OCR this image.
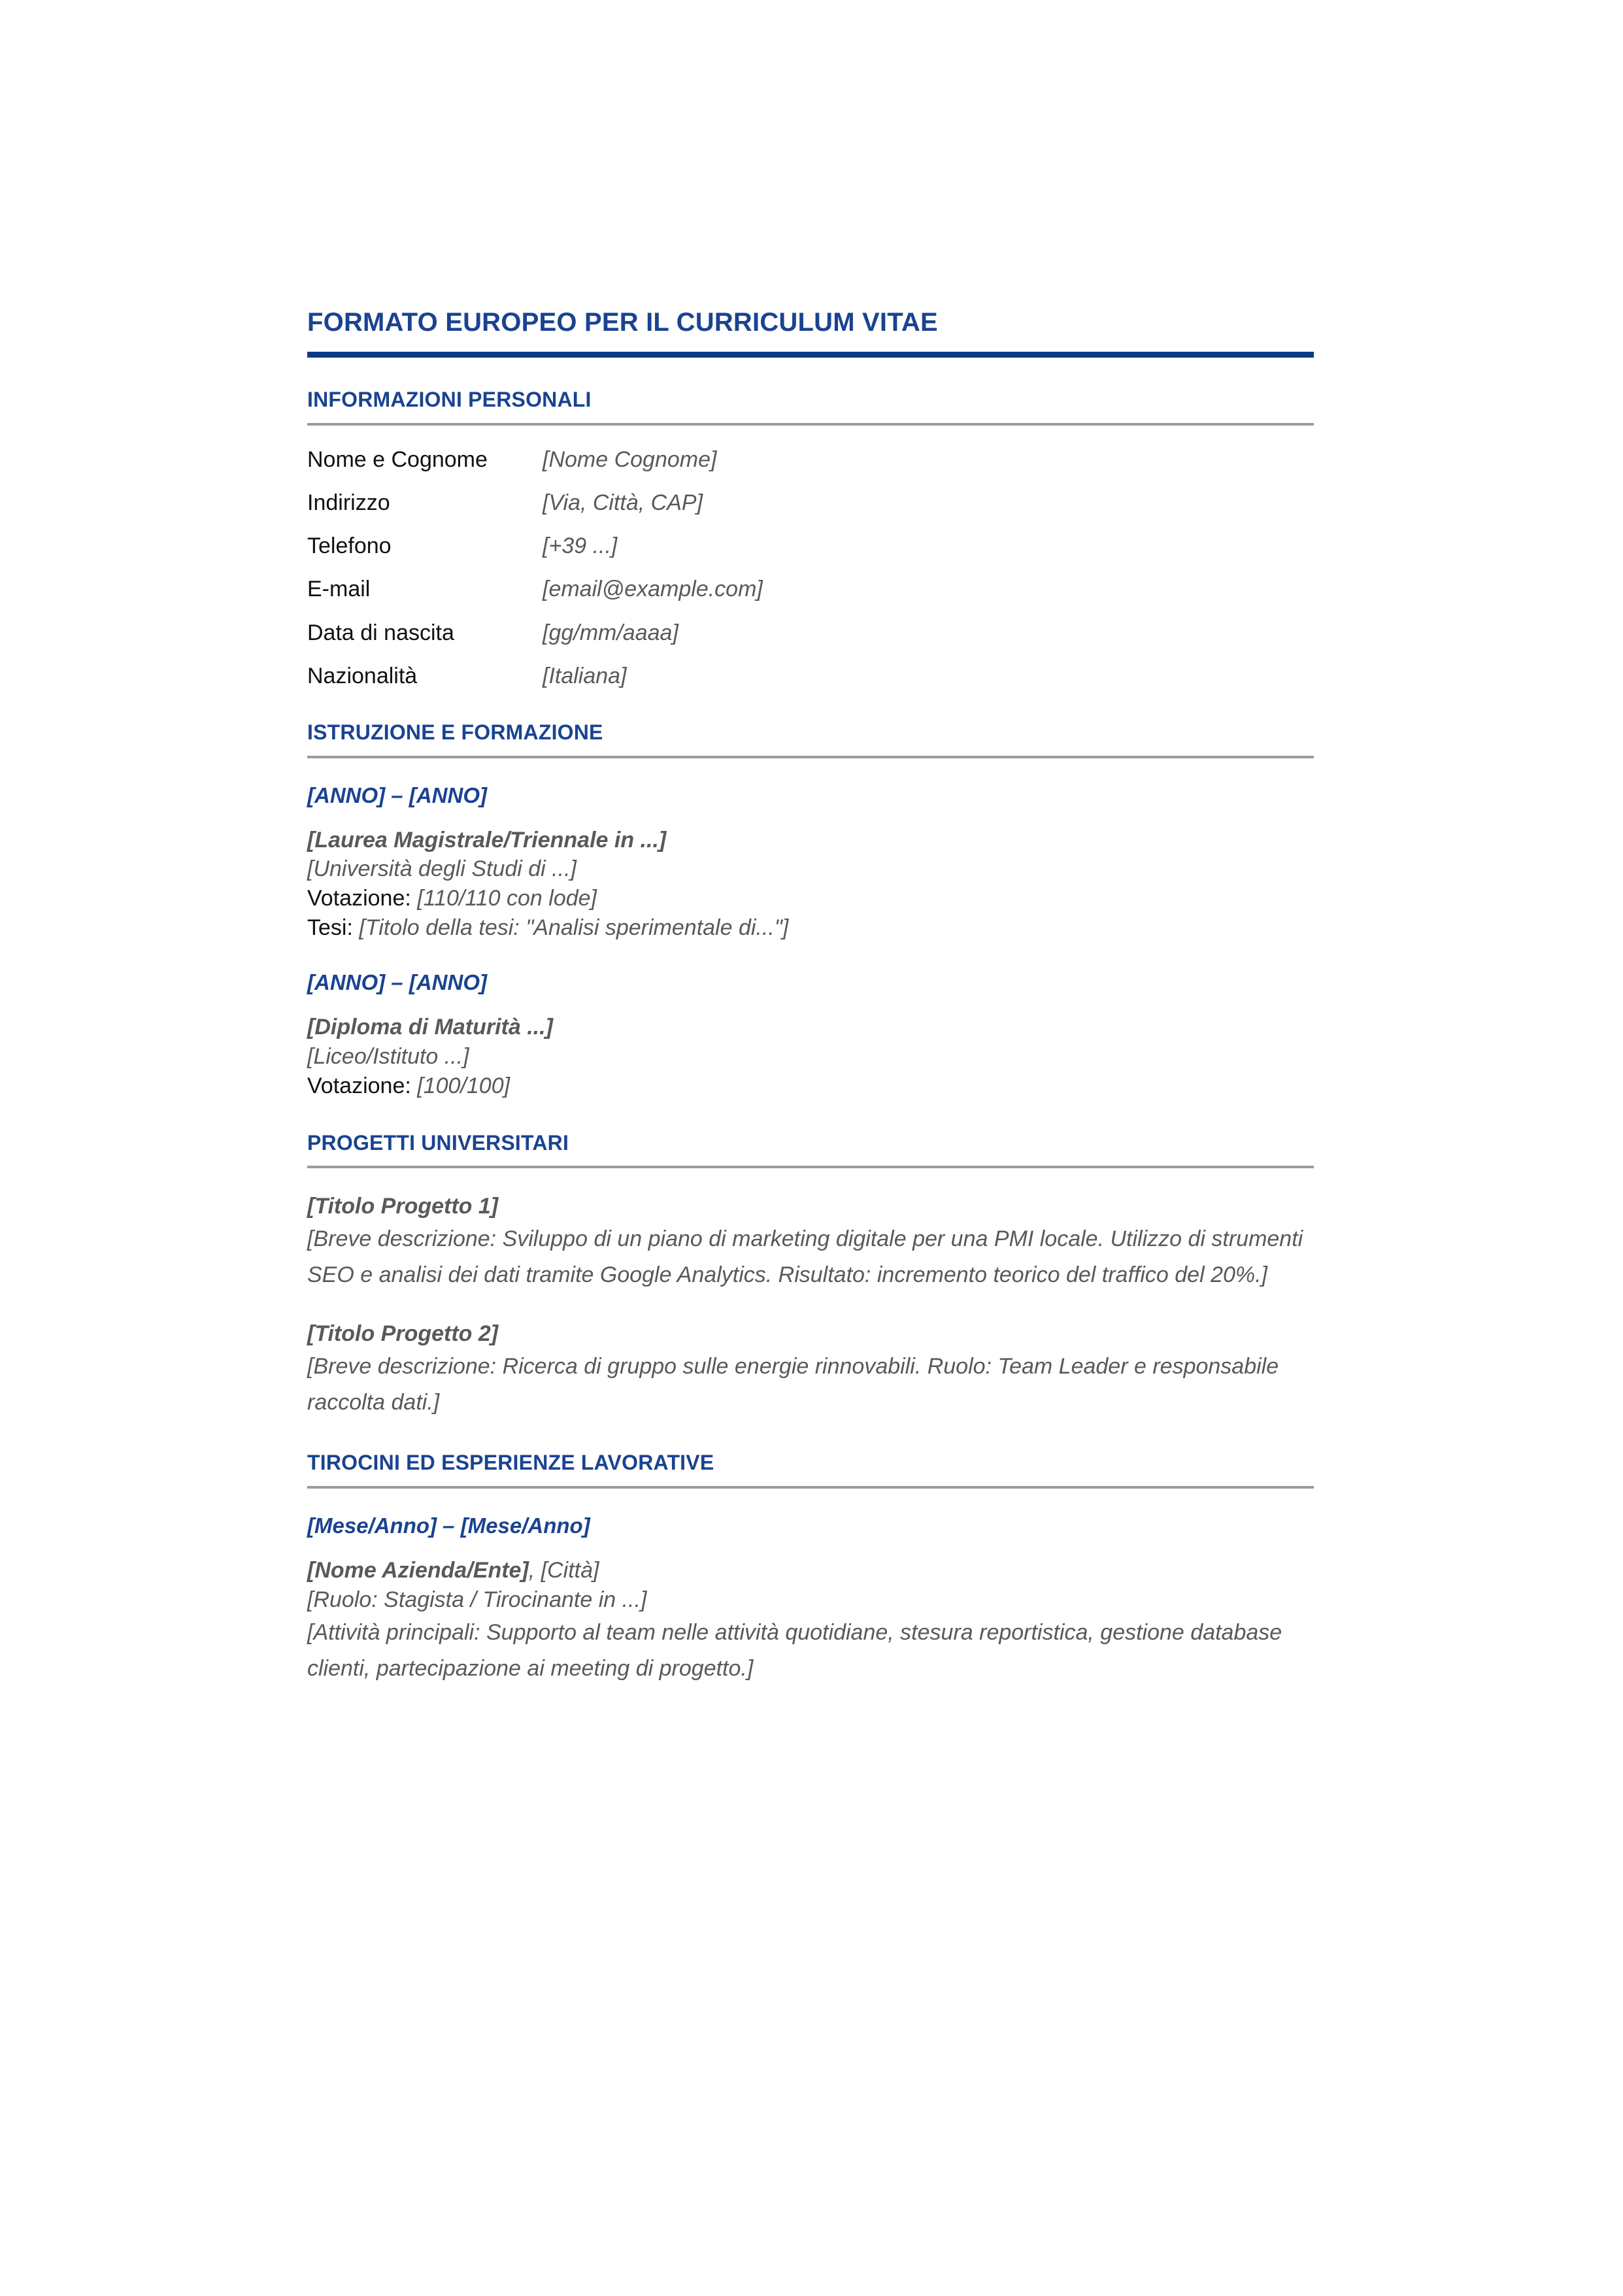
FORMATO EUROPEO PER IL CURRICULUM VITAE
INFORMAZIONI PERSONALI
Nome e Cognome	[Nome Cognome]
Indirizzo	[Via, Città, CAP]
Telefono	[+39 ...]
E-mail	[email@example.com]
Data di nascita	[gg/mm/aaaa]
Nazionalità	[Italiana]
ISTRUZIONE E FORMAZIONE
[ANNO] – [ANNO]
[Laurea Magistrale/Triennale in ...]
[Università degli Studi di ...]
Votazione: [110/110 con lode]
Tesi: [Titolo della tesi: "Analisi sperimentale di..."]
[ANNO] – [ANNO]
[Diploma di Maturità ...]
[Liceo/Istituto ...]
Votazione: [100/100]
PROGETTI UNIVERSITARI
[Titolo Progetto 1]

[Breve descrizione: Sviluppo di un piano di marketing digitale per una PMI locale. Utilizzo di strumenti SEO e analisi dei dati tramite Google Analytics. Risultato: incremento teorico del traffico del 20%.]

[Titolo Progetto 2]

[Breve descrizione: Ricerca di gruppo sulle energie rinnovabili. Ruolo: Team Leader e responsabile raccolta dati.]

TIROCINI ED ESPERIENZE LAVORATIVE
[Mese/Anno] – [Mese/Anno]
[Nome Azienda/Ente], [Città]
[Ruolo: Stagista / Tirocinante in ...]

[Attività principali: Supporto al team nelle attività quotidiane, stesura reportistica, gestione database clienti, partecipazione ai meeting di progetto.]
